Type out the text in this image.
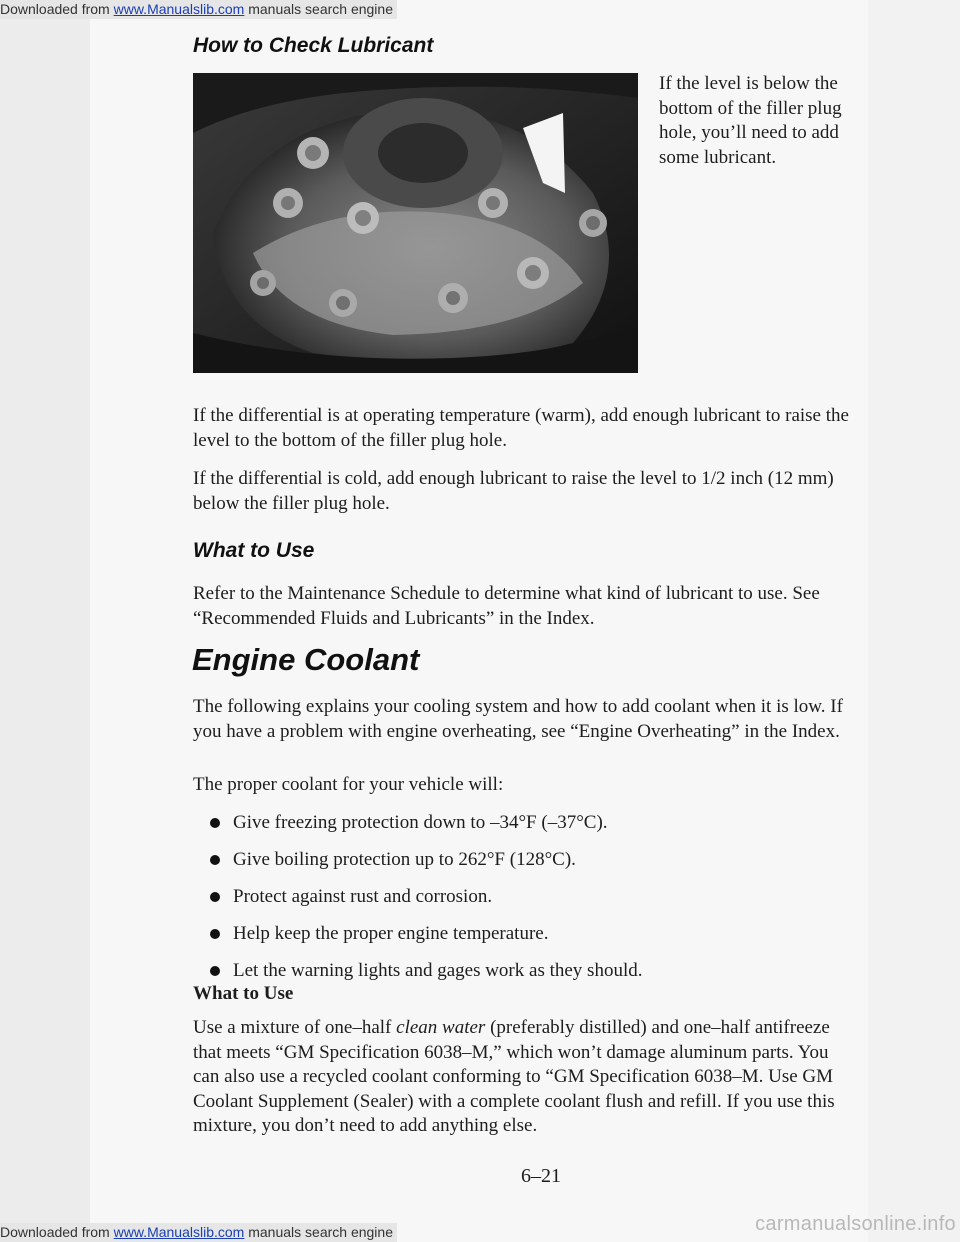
Downloaded from www.Manualslib.com manuals search engine
How to Check Lubricant

If the level is below the bottom of the filler plug hole, you’ll need to add some lubricant.

If the differential is at operating temperature (warm), add enough lubricant to raise the level to the bottom of the filler plug hole.

If the differential is cold, add enough lubricant to raise the level to 1/2 inch (12 mm) below the filler plug hole.

What to Use

Refer to the Maintenance Schedule to determine what kind of lubricant to use. See “Recommended Fluids and Lubricants” in the Index.

Engine Coolant

The following explains your cooling system and how to add coolant when it is low. If you have a problem with engine overheating, see “Engine Overheating” in the Index.

The proper coolant for your vehicle will:

Give freezing protection down to –34°F (–37°C).
Give boiling protection up to 262°F (128°C).
Protect against rust and corrosion.
Help keep the proper engine temperature.
Let the warning lights and gages work as they should.
What to Use

Use a mixture of one–half clean water (preferably distilled) and one–half antifreeze that meets “GM Specification 6038–M,” which won’t damage aluminum parts. You can also use a recycled coolant conforming to “GM Specification 6038–M. Use GM Coolant Supplement (Sealer) with a complete coolant flush and refill. If you use this mixture, you don’t need to add anything else.

6–21

Downloaded from www.Manualslib.com manuals search engine	carmanualsonline.info
